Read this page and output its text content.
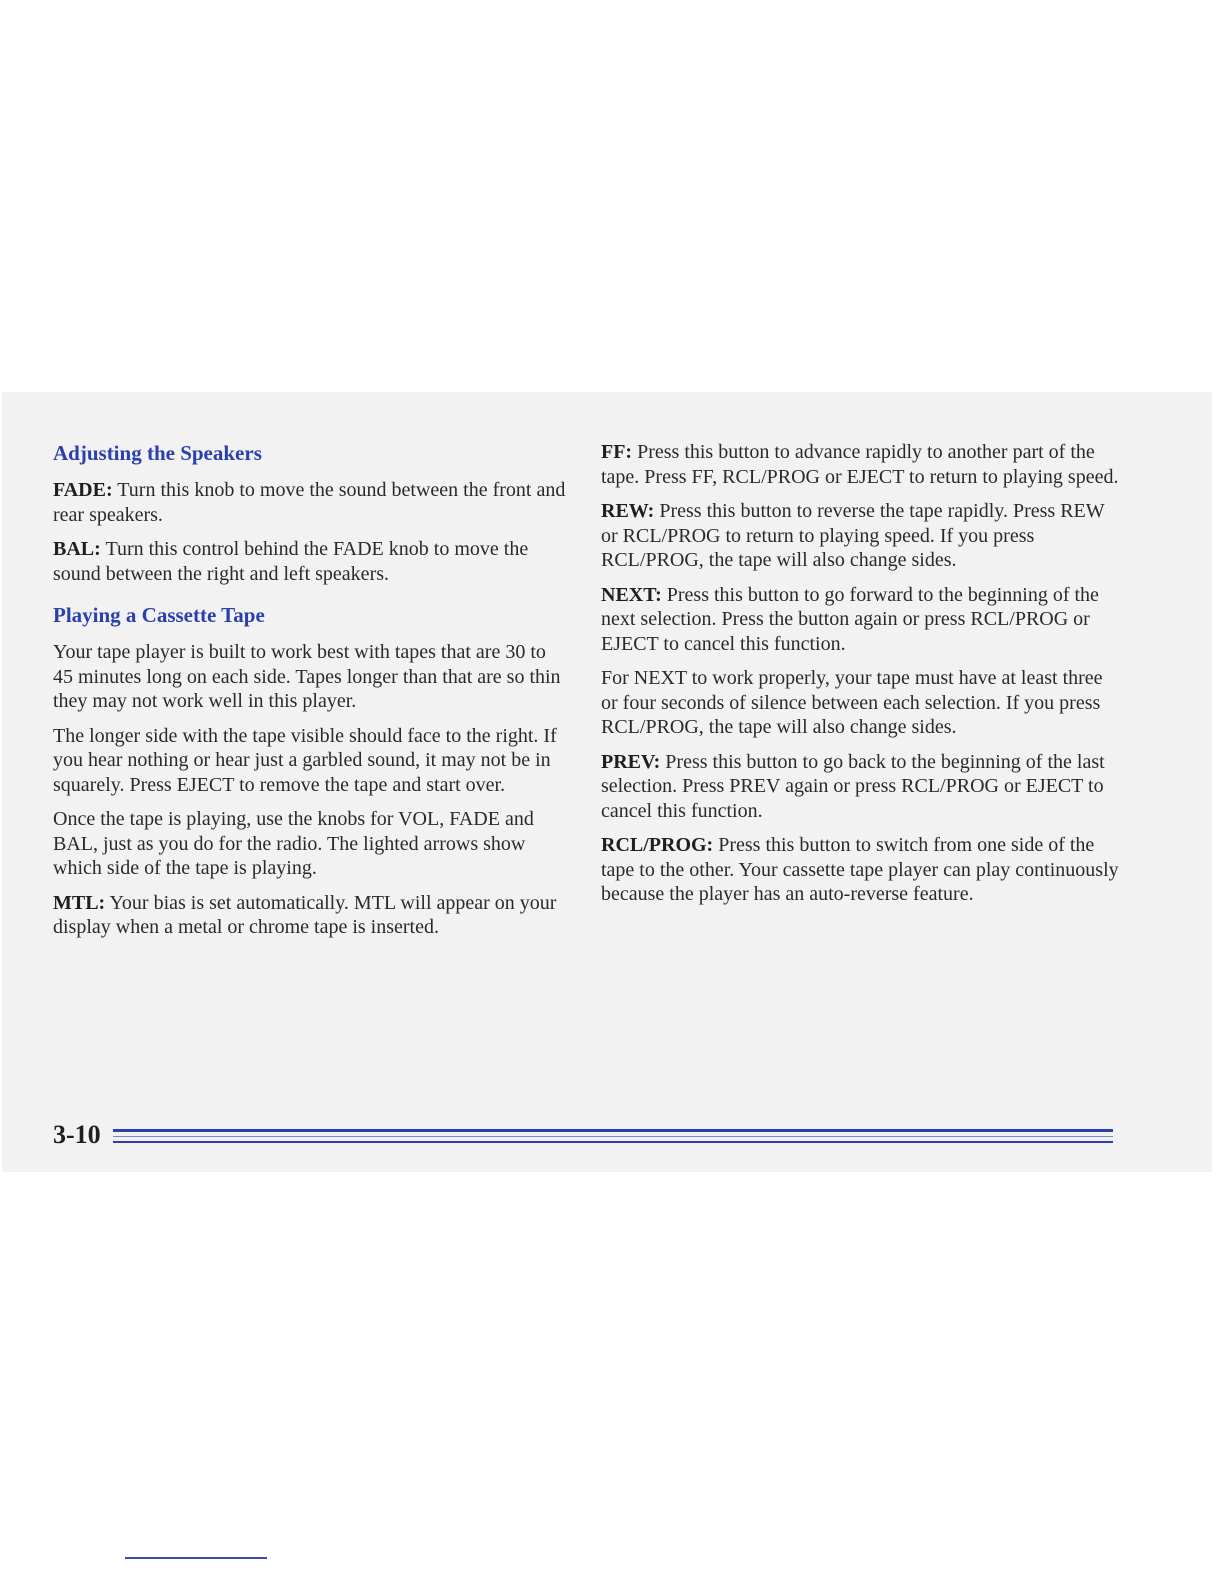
Adjusting the Speakers

FADE: Turn this knob to move the sound between the front and rear speakers.

BAL: Turn this control behind the FADE knob to move the sound between the right and left speakers.

Playing a Cassette Tape

Your tape player is built to work best with tapes that are 30 to 45 minutes long on each side. Tapes longer than that are so thin they may not work well in this player.

The longer side with the tape visible should face to the right. If you hear nothing or hear just a garbled sound, it may not be in squarely. Press EJECT to remove the tape and start over.

Once the tape is playing, use the knobs for VOL, FADE and BAL, just as you do for the radio. The lighted arrows show which side of the tape is playing.

MTL: Your bias is set automatically. MTL will appear on your display when a metal or chrome tape is inserted.

FF: Press this button to advance rapidly to another part of the tape. Press FF, RCL/PROG or EJECT to return to playing speed.

REW: Press this button to reverse the tape rapidly. Press REW or RCL/PROG to return to playing speed. If you press RCL/PROG, the tape will also change sides.

NEXT: Press this button to go forward to the beginning of the next selection. Press the button again or press RCL/PROG or EJECT to cancel this function.

For NEXT to work properly, your tape must have at least three or four seconds of silence between each selection. If you press RCL/PROG, the tape will also change sides.

PREV: Press this button to go back to the beginning of the last selection. Press PREV again or press RCL/PROG or EJECT to cancel this function.

RCL/PROG: Press this button to switch from one side of the tape to the other. Your cassette tape player can play continuously because the player has an auto-reverse feature.

3-10
